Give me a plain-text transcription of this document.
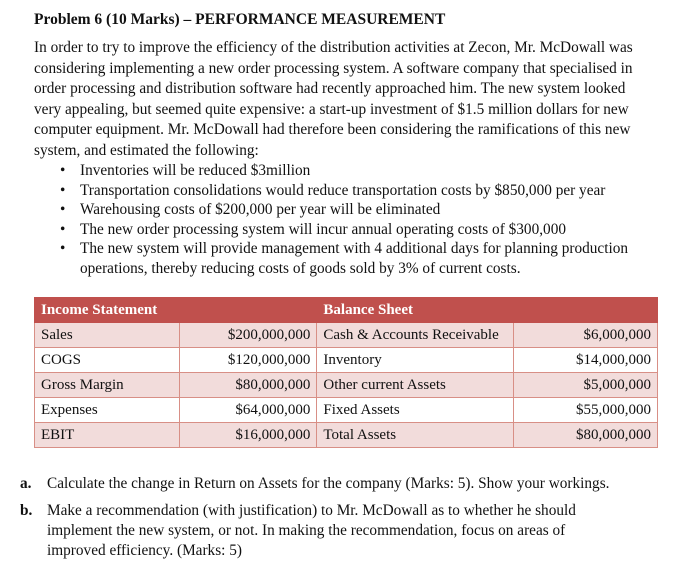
Problem 6 (10 Marks) – PERFORMANCE MEASUREMENT

In order to try to improve the efficiency of the distribution activities at Zecon, Mr. McDowall was
considering implementing a new order processing system. A software company that specialised in
order processing and distribution software had recently approached him. The new system looked
very appealing, but seemed quite expensive: a start-up investment of $1.5 million dollars for new
computer equipment. Mr. McDowall had therefore been considering the ramifications of this new
system, and estimated the following:

• Inventories will be reduced $3million
• Transportation consolidations would reduce transportation costs by $850,000 per year
• Warehousing costs of $200,000 per year will be eliminated
• The new order processing system will incur annual operating costs of $300,000
• The new system will provide management with 4 additional days for planning production
operations, thereby reducing costs of goods sold by 3% of current costs.
Income Statement		Balance Sheet	
Sales	$200,000,000	Cash & Accounts Receivable	$6,000,000
COGS	$120,000,000	Inventory	$14,000,000
Gross Margin	$80,000,000	Other current Assets	$5,000,000
Expenses	$64,000,000	Fixed Assets	$55,000,000
EBIT	$16,000,000	Total Assets	$80,000,000
a. Calculate the change in Return on Assets for the company (Marks: 5). Show your workings.
b. Make a recommendation (with justification) to Mr. McDowall as to whether he should
implement the new system, or not. In making the recommendation, focus on areas of
improved efficiency. (Marks: 5)
